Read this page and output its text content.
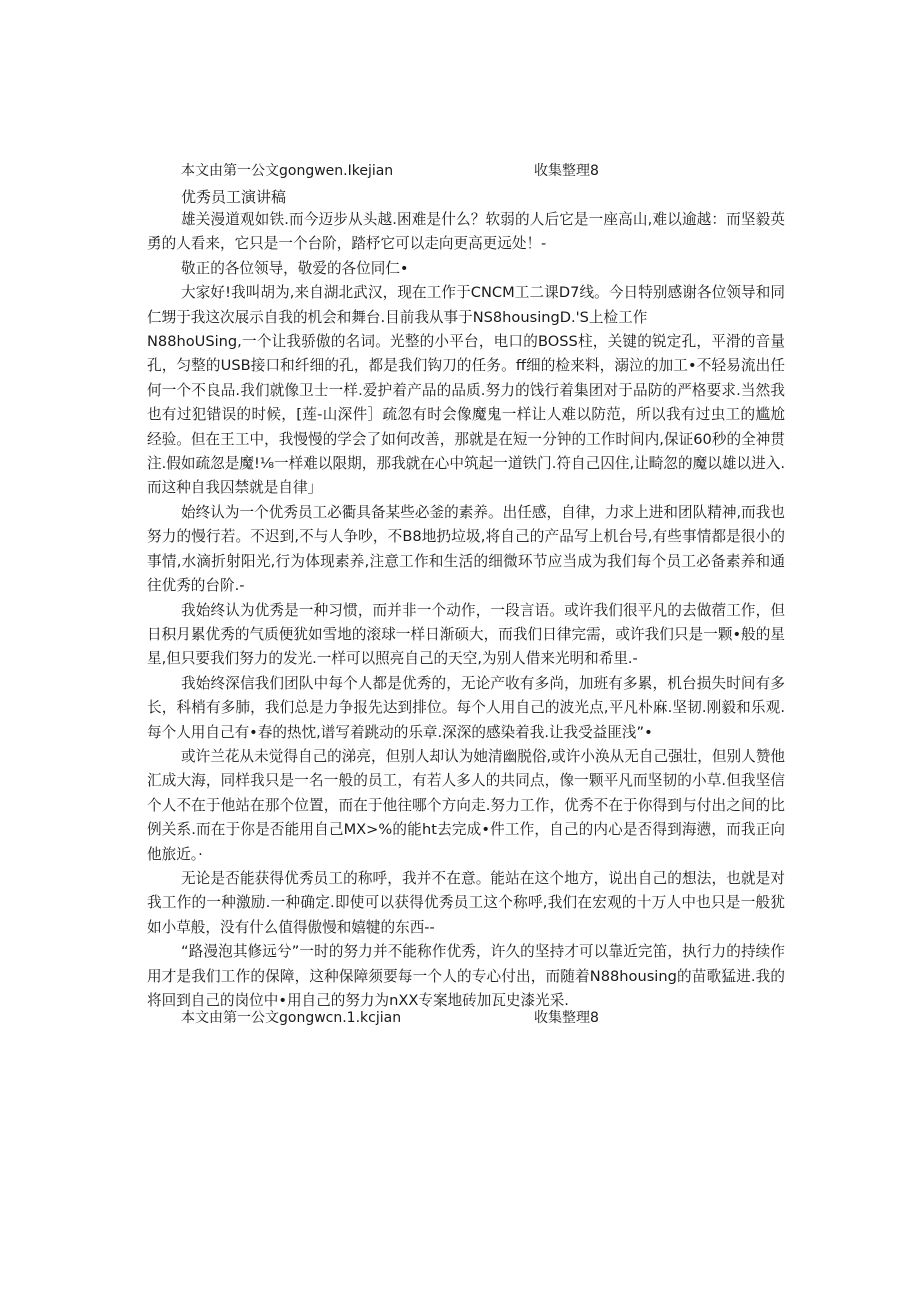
本文由第一公文gongwen.Ikejian	收集整理8
优秀员工演讲稿

雄关漫道观如铁.而今迈步从头越.困难是什么？软弱的人后它是一座高山,难以逾越：而坚毅英勇的人看来，它只是一个台阶，踏杼它可以走向更高更远处！-

敬正的各位领导，敬爱的各位同仁•

大家好!我叫胡为,来自湖北武汉，现在工作于CNCM工二课D7线。今日特别感谢各位领导和同仁甥于我这次展示自我的机会和舞台.目前我从事于NS8housingD.'S上检工作

N88hoUSing,一个让我骄傲的名词。光整的小平台，电口的BOSS柱，关键的锐定孔，平滑的音量孔，匀整的USB接口和纤细的孔，都是我们钩刀的任务。ff细的检来料，溺泣的加工•不轻易流出任何一个不良品.我们就像卫士一样.爱护着产品的品质.努力的饯行着集团对于品防的严格要求.当然我也有过犯错误的时候，[莲-山深件］疏忽有时会像魔鬼一样让人难以防范，所以我有过虫工的尴尬经验。但在王工中，我慢慢的学会了如何改善，那就是在短一分钟的工作时间内,保证60秒的全神贯注.假如疏忽是魔!⅛一样难以限期，那我就在心中筑起一道铁门.符自己囚住,让畸忽的魔以雄以进入.而这种自我囚禁就是自律」

始终认为一个优秀员工必衢具备某些必釜的素养。出任感，自律，力求上进和团队精神,而我也努力的慢行若。不迟到,不与人争吵，不B8地扔垃圾,将自己的产品写上机台号,有些事情都是很小的事情,水滴折射阳光,行为体现素养,注意工作和生活的细微环节应当成为我们每个员工必备素养和通往优秀的台阶.-

我始终认为优秀是一种习惯，而并非一个动作，一段言语。或许我们很平凡的去做蓿工作，但日积月累优秀的气质便犹如雪地的滚球一样日渐硕大，而我们日律完需，或许我们只是一颗•般的星星,但只要我们努力的发光.一样可以照亮自己的天空,为别人借来光明和希里.-

我始终深信我们团队中每个人都是优秀的，无论产收有多尚，加班有多累，机台损失时间有多长，科梢有多肺，我们总是力争报先达到排位。每个人用自己的波光点,平凡朴麻.坚韧.刚毅和乐观.每个人用自己有•春的热忱,谱写着跳动的乐章.深深的感染着我.让我受益匪浅”•

或许兰花从未觉得自己的涕亮，但别人却认为她清幽脱俗,或许小涣从无自己强壮，但别人赞他汇成大海，同样我只是一名一般的员工，有若人多人的共同点，像一颗平凡而坚韧的小草.但我坚信个人不在于他站在那个位置，而在于他往哪个方向走.努力工作，优秀不在于你得到与付出之间的比例关系.而在于你是否能用自己MX>%的能ht去完成•件工作，自己的内心是否得到海懑，而我正向他旅近。·

无论是否能获得优秀员工的称呼，我并不在意。能站在这个地方，说出自己的想法，也就是对我工作的一种激励.一种确定.即使可以获得优秀员工这个称呼,我们在宏观的十万人中也只是一般犹如小草般，没有什么值得傲慢和嬉犍的东西--

“路漫泡其修远兮”一时的努力并不能称作优秀，许久的坚持才可以靠近完笛，执行力的持续作用才是我们工作的保障，这种保障须要每一个人的专心付出，而随着N88housing的苗歌猛进.我的将回到自己的岗位中•用自己的努力为nXX专案地砖加瓦史漆光采.

本文由第一公文gongwcn.1.kcjian	收集整理8
